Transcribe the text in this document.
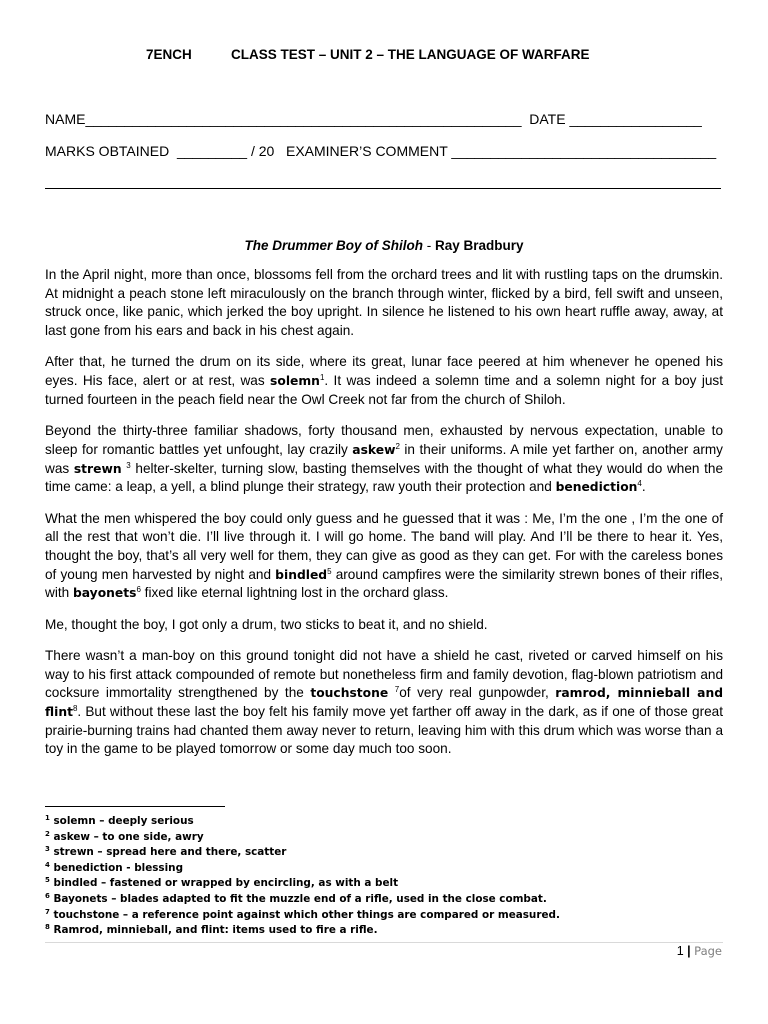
7ENCH	CLASS TEST – UNIT 2 – THE LANGUAGE OF WARFARE
NAME________________________________________________________ DATE _________________
MARKS OBTAINED _________ / 20 EXAMINER’S COMMENT __________________________________
The Drummer Boy of Shiloh - Ray Bradbury

In the April night, more than once, blossoms fell from the orchard trees and lit with rustling taps on the drumskin. At midnight a peach stone left miraculously on the branch through winter, flicked by a bird, fell swift and unseen, struck once, like panic, which jerked the boy upright. In silence he listened to his own heart ruffle away, away, at last gone from his ears and back in his chest again.

After that, he turned the drum on its side, where its great, lunar face peered at him whenever he opened his eyes. His face, alert or at rest, was solemn$^1$. It was indeed a solemn time and a solemn night for a boy just turned fourteen in the peach field near the Owl Creek not far from the church of Shiloh.

Beyond the thirty-three familiar shadows, forty thousand men, exhausted by nervous expectation, unable to sleep for romantic battles yet unfought, lay crazily askew$^2$ in their uniforms. A mile yet farther on, another army was strewn $^3$ helter-skelter, turning slow, basting themselves with the thought of what they would do when the time came: a leap, a yell, a blind plunge their strategy, raw youth their protection and benediction$^4$.

What the men whispered the boy could only guess and he guessed that it was : Me, I’m the one , I’m the one of all the rest that won’t die. I’ll live through it. I will go home. The band will play. And I’ll be there to hear it. Yes, thought the boy, that’s all very well for them, they can give as good as they can get. For with the careless bones of young men harvested by night and bindled$^5$ around campfires were the similarity strewn bones of their rifles, with bayonets$^6$ fixed like eternal lightning lost in the orchard glass.

Me, thought the boy, I got only a drum, two sticks to beat it, and no shield.

There wasn’t a man-boy on this ground tonight did not have a shield he cast, riveted or carved himself on his way to his first attack compounded of remote but nonetheless firm and family devotion, flag-blown patriotism and cocksure immortality strengthened by the touchstone $^7$of very real gunpowder, ramrod, minnieball and flint$^8$. But without these last the boy felt his family move yet farther off away in the dark, as if one of those great prairie-burning trains had chanted them away never to return, leaving him with this drum which was worse than a toy in the game to be played tomorrow or some day much too soon.

$^1$ solemn – deeply serious
$^2$ askew – to one side, awry
$^3$ strewn – spread here and there, scatter
$^4$ benediction - blessing
$^5$ bindled – fastened or wrapped by encircling, as with a belt
$^6$ Bayonets – blades adapted to fit the muzzle end of a rifle, used in the close combat.
$^7$ touchstone – a reference point against which other things are compared or measured.
$^8$ Ramrod, minnieball, and flint: items used to fire a rifle.
1 | Page
